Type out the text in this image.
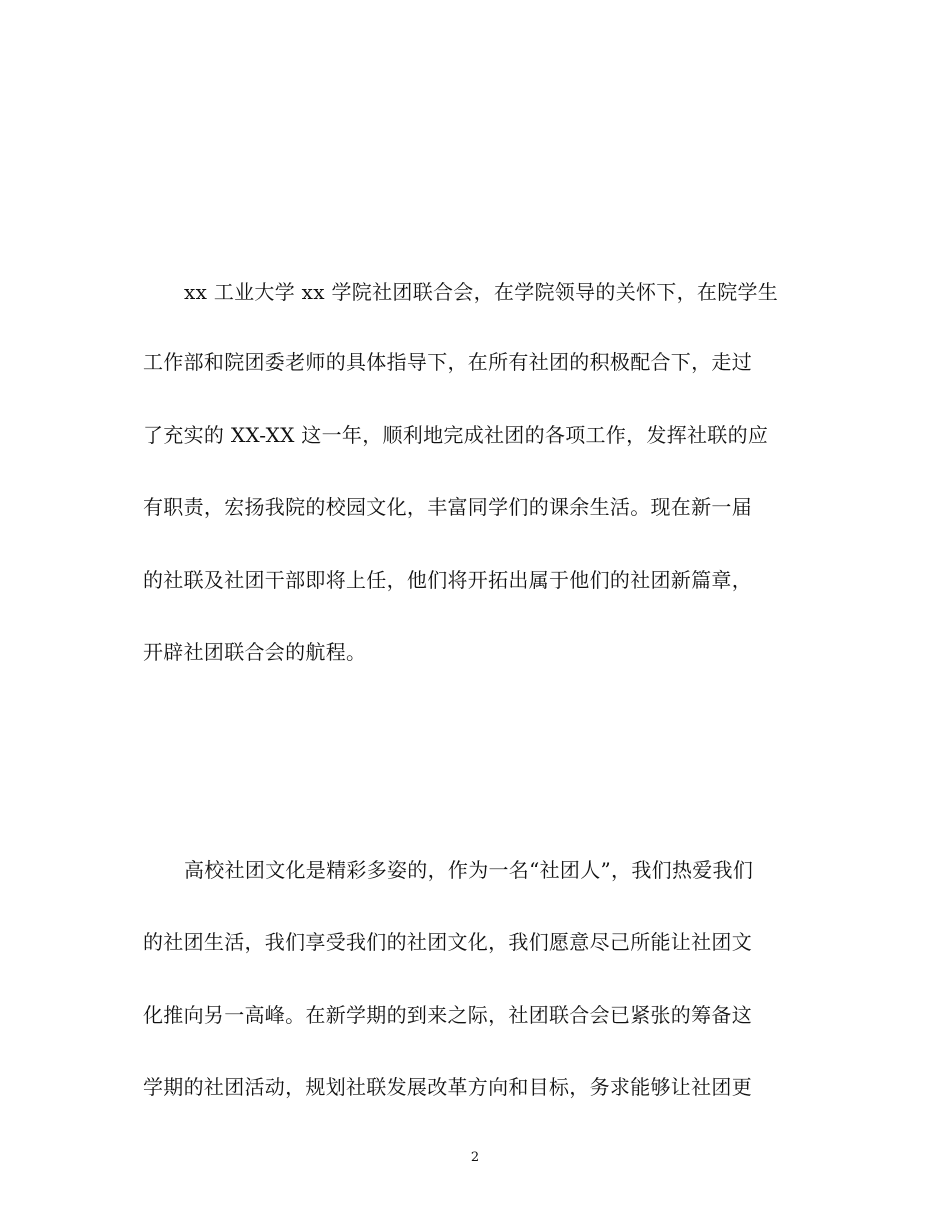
xx 工业大学 xx 学院社团联合会，在学院领导的关怀下，在院学生
工作部和院团委老师的具体指导下，在所有社团的积极配合下，走过
了充实的 XX-XX 这一年，顺利地完成社团的各项工作，发挥社联的应
有职责，宏扬我院的校园文化，丰富同学们的课余生活。现在新一届
的社联及社团干部即将上任，他们将开拓出属于他们的社团新篇章，
开辟社团联合会的航程。
高校社团文化是精彩多姿的，作为一名“社团人”，我们热爱我们
的社团生活，我们享受我们的社团文化，我们愿意尽己所能让社团文
化推向另一高峰。在新学期的到来之际，社团联合会已紧张的筹备这
学期的社团活动，规划社联发展改革方向和目标，务求能够让社团更
2
